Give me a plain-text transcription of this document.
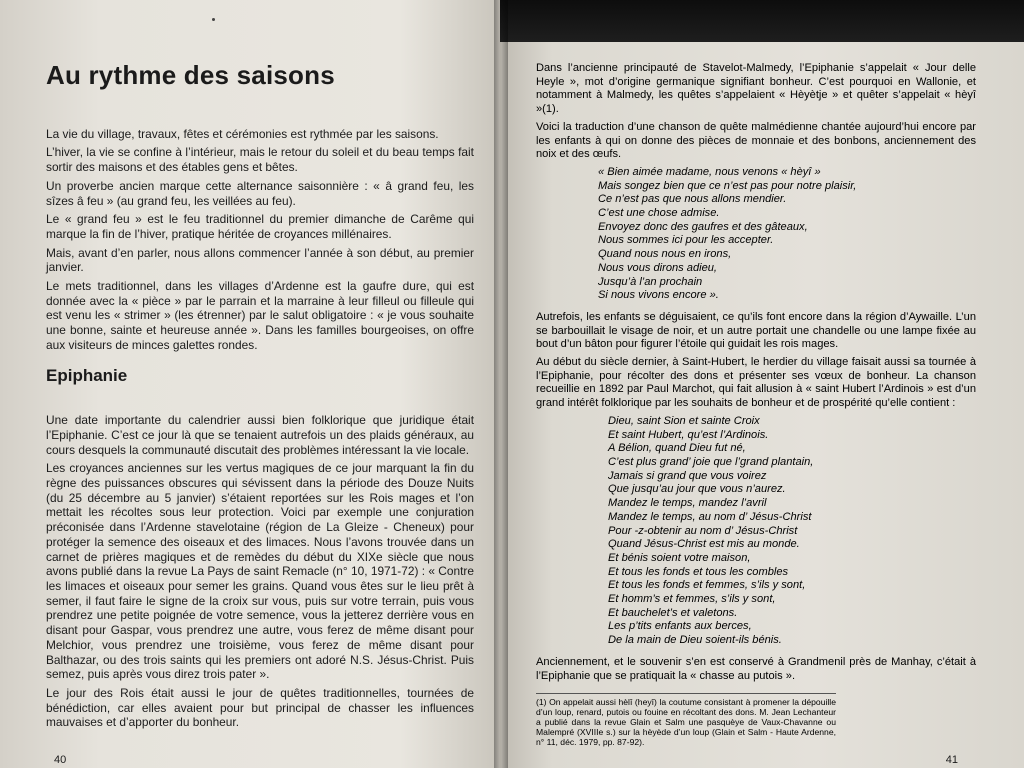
Au rythme des saisons

La vie du village, travaux, fêtes et cérémonies est rythmée par les saisons.

L’hiver, la vie se confine à l’intérieur, mais le retour du soleil et du beau temps fait sortir des maisons et des étables gens et bêtes.

Un proverbe ancien marque cette alternance saisonnière : « â grand feu, les sîzes â feu » (au grand feu, les veillées au feu).

Le « grand feu » est le feu traditionnel du premier dimanche de Carême qui marque la fin de l’hiver, pratique héritée de croyances millénaires.

Mais, avant d’en parler, nous allons commencer l’année à son début, au premier janvier.

Le mets traditionnel, dans les villages d’Ardenne est la gaufre dure, qui est donnée avec la « pièce » par le parrain et la marraine à leur filleul ou filleule qui est venu les « strimer » (les étrenner) par le salut obligatoire : « je vous souhaite une bonne, sainte et heureuse année ». Dans les familles bourgeoises, on offre aux visiteurs de minces galettes rondes.

Epiphanie

Une date importante du calendrier aussi bien folklorique que juridique était l’Epiphanie. C’est ce jour là que se tenaient autrefois un des plaids généraux, au cours desquels la communauté discutait des problèmes intéressant la vie locale.

Les croyances anciennes sur les vertus magiques de ce jour marquant la fin du règne des puissances obscures qui sévissent dans la période des Douze Nuits (du 25 décembre au 5 janvier) s’étaient reportées sur les Rois mages et l’on mettait les récoltes sous leur protection. Voici par exemple une conjuration préconisée dans l’Ardenne stavelotaine (région de La Gleize - Cheneux) pour protéger la semence des oiseaux et des limaces. Nous l’avons trouvée dans un carnet de prières magiques et de remèdes du début du XIXe siècle que nous avons publié dans la revue La Pays de saint Remacle (n° 10, 1971-72) : « Contre les limaces et oiseaux pour semer les grains. Quand vous êtes sur le lieu prêt à semer, il faut faire le signe de la croix sur vous, puis sur votre terrain, puis vous prendrez une petite poignée de votre semence, vous la jetterez derrière vous en disant pour Gaspar, vous prendrez une autre, vous ferez de même disant pour Melchior, vous prendrez une troisième, vous ferez de même disant pour Balthazar, ou des trois saints qui les premiers ont adoré N.S. Jésus-Christ. Puis semez, puis après vous direz trois pater ».

Le jour des Rois était aussi le jour de quêtes traditionnelles, tournées de bénédiction, car elles avaient pour but principal de chasser les influences mauvaises et d’apporter du bonheur.

40	41

Dans l’ancienne principauté de Stavelot-Malmedy, l’Epiphanie s’appelait « Jour delle Heyle », mot d’origine germanique signifiant bonheur. C’est pourquoi en Wallonie, et notamment à Malmedy, les quêtes s’appelaient « Hèyètje » et quêter s’appelait « hèyî »(1).

Voici la traduction d’une chanson de quête malmédienne chantée aujourd’hui encore par les enfants à qui on donne des pièces de monnaie et des bonbons, anciennement des noix et des œufs.

« Bien aimée madame, nous venons « hèyî »
Mais songez bien que ce n’est pas pour notre plaisir,
Ce n’est pas que nous allons mendier.
C’est une chose admise.
Envoyez donc des gaufres et des gâteaux,
Nous sommes ici pour les accepter.
Quand nous nous en irons,
Nous vous dirons adieu,
Jusqu’à l’an prochain
Si nous vivons encore ».

Autrefois, les enfants se déguisaient, ce qu’ils font encore dans la région d’Aywaille. L’un se barbouillait le visage de noir, et un autre portait une chandelle ou une lampe fixée au bout d’un bâton pour figurer l’étoile qui guidait les rois mages.

Au début du siècle dernier, à Saint-Hubert, le herdier du village faisait aussi sa tournée à l’Epiphanie, pour récolter des dons et présenter ses vœux de bonheur. La chanson recueillie en 1892 par Paul Marchot, qui fait allusion à « saint Hubert l’Ardinois » est d’un grand intérêt folklorique par les souhaits de bonheur et de prospérité qu’elle contient :

Dieu, saint Sion et sainte Croix
Et saint Hubert, qu’est l’Ardinois.
A Bélion, quand Dieu fut né,
C’est plus grand’ joie que l’grand plantain,
Jamais si grand que vous voirez
Que jusqu’au jour que vous n’aurez.
Mandez le temps, mandez l’avril
Mandez le temps, au nom d’ Jésus-Christ
Pour -z-obtenir au nom d’ Jésus-Christ
Quand Jésus-Christ est mis au monde.
Et bénis soient votre maison,
Et tous les fonds et tous les combles
Et tous les fonds et femmes, s’ils y sont,
Et homm’s et femmes, s’ils y sont,
Et bauchelet’s et valetons.
Les p’tits enfants aux berces,
De la main de Dieu soient-ils bénis.

Anciennement, et le souvenir s’en est conservé à Grandmenil près de Manhay, c’était à l’Epiphanie que se pratiquait la « chasse au putois ».

(1) On appelait aussi hèlî (heyî) la coutume consistant à promener la dépouille d’un loup, renard, putois ou fouine en récoltant des dons. M. Jean Lechanteur a publié dans la revue Glain et Salm une pasquèye de Vaux-Chavanne ou Malempré (XVIIIe s.) sur la hèyède d’un loup (Glain et Salm - Haute Ardenne, n° 11, déc. 1979, pp. 87-92).
